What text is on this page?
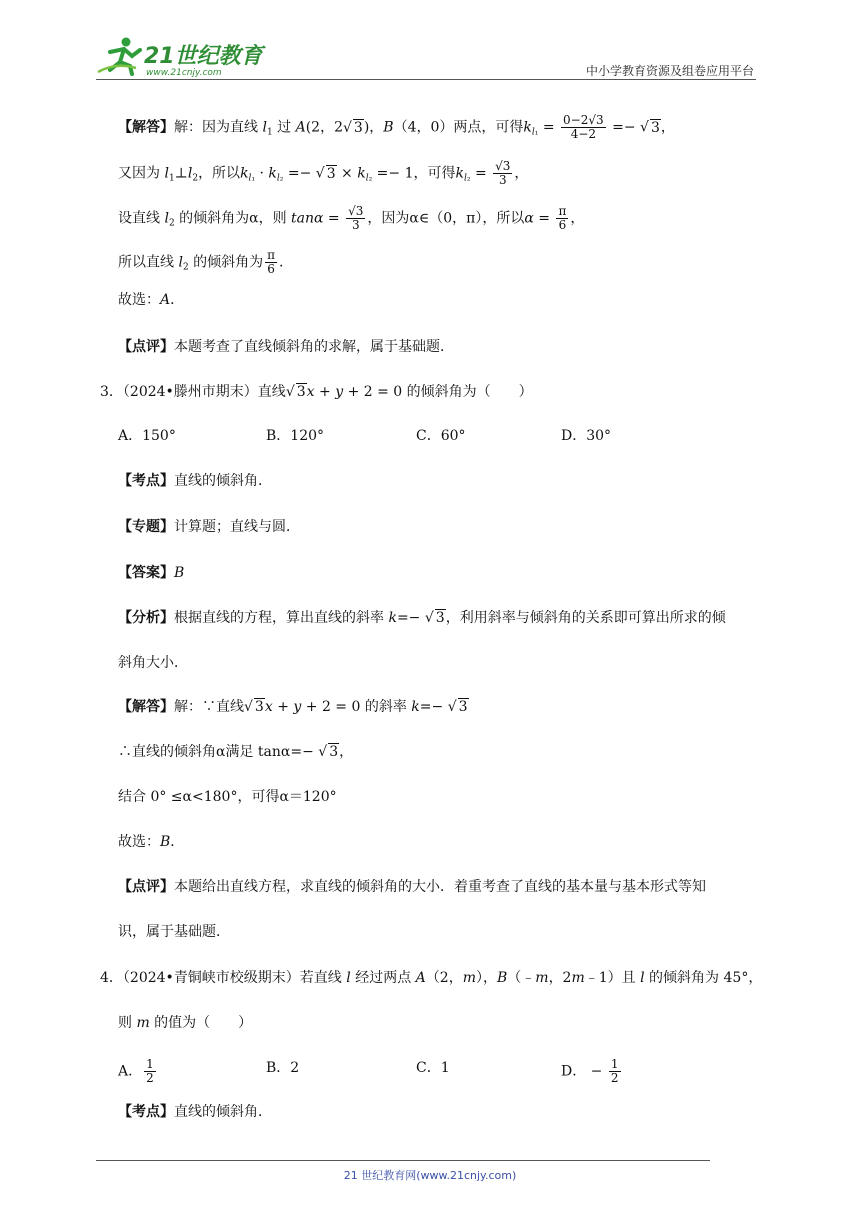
21世纪教育
www.21cnjy.com	中小学教育资源及组卷应用平台
【解答】解：因为直线 $l_1$ 过 A(2，2√ 3)，B（4，0）两点，可得$k_{l_1} = \frac{0-2√3}{4-2}$ =− √ 3，
又因为 $l_1\perp l_2$，所以$k_{l_1} \cdot k_{l_2}$ =− √ $3 \times k_{l_2} =- 1$，可得$k_{l_2} = \frac{√3}{3}$ ，
设直线 $l_2$ 的倾斜角为α，则 $\tan\alpha = \frac{√3}{3}$ ，因为α∈（0，π），所以$\alpha = \frac{\pi}{6}$ ，
所以直线 $l_2$ 的倾斜角为 $\frac{\pi}{6}$ .
故选：A．
【点评】本题考查了直线倾斜角的求解，属于基础题．
3．（2024•滕州市期末）直线√ 3x + y + 2 = 0 的倾斜角为（　　）
A．150°	B．120°	C．60°	D．30°
【考点】直线的倾斜角．
【专题】计算题；直线与圆．
【答案】B
【分析】根据直线的方程，算出直线的斜率 k=− √ 3，利用斜率与倾斜角的关系即可算出所求的倾
斜角大小．
【解答】解：∵直线√ 3x + y + 2 = 0 的斜率 k=− √ 3
∴直线的倾斜角α满足 tanα=− √ 3，
结合 0° ≤α<180°，可得α＝120°
故选：B．
【点评】本题给出直线方程，求直线的倾斜角的大小．着重考查了直线的基本量与基本形式等知
识，属于基础题．
4．（2024•青铜峡市校级期末）若直线 l 经过两点 A（2，m），B（﹣m，2m﹣1）且 l 的倾斜角为 45°，
则 m 的值为（　　）
A． $\frac{1}{2}$	B．2	C．1	D． − $\frac{1}{2}$
【考点】直线的倾斜角．
21 世纪教育网(www.21cnjy.com)
